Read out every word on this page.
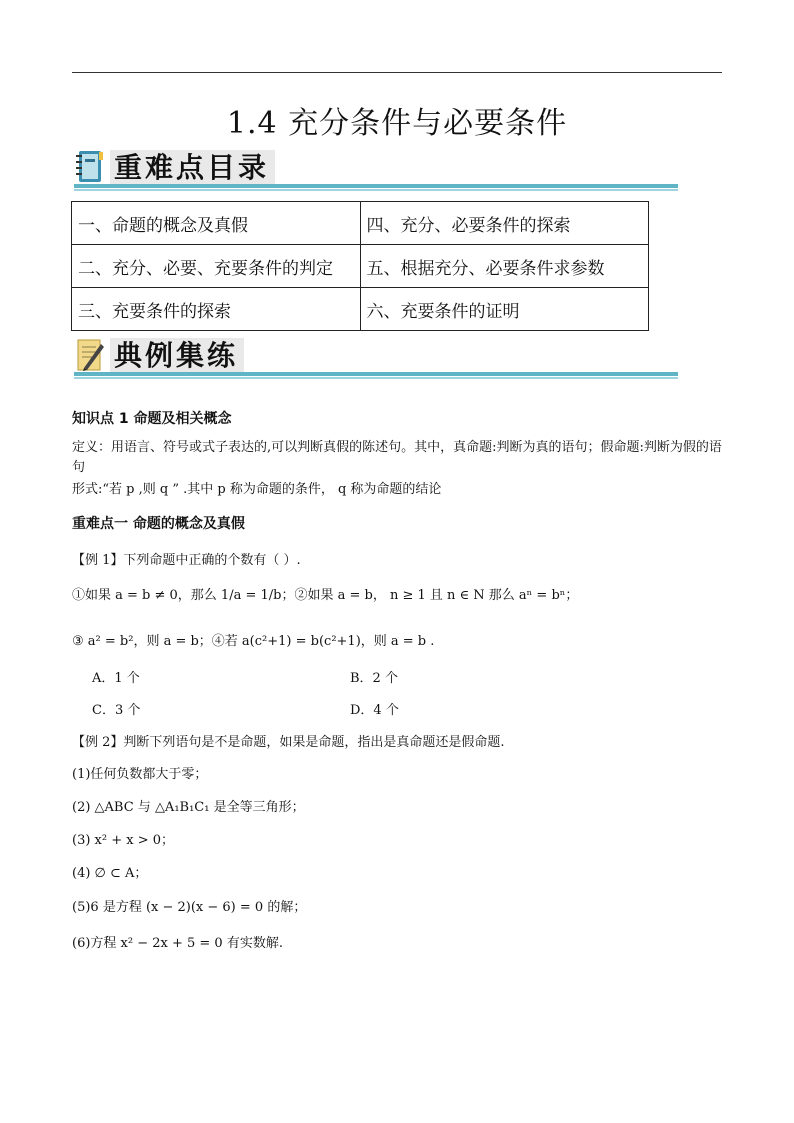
1.4 充分条件与必要条件
重难点目录
一、命题的概念及真假	四、充分、必要条件的探索
二、充分、必要、充要条件的判定	五、根据充分、必要条件求参数
三、充要条件的探索	六、充要条件的证明
典例集练
知识点 1 命题及相关概念
定义：用语言、符号或式子表达的,可以判断真假的陈述句。其中，真命题:判断为真的语句；假命题:判断为假的语句
形式:“若 p ,则 q ” .其中 p 称为命题的条件， q 称为命题的结论
重难点一 命题的概念及真假
【例 1】下列命题中正确的个数有（ ）.
①如果 a = b ≠ 0，那么 1/a = 1/b；②如果 a = b， n ≥ 1 且 n ∈ N 那么 aⁿ = bⁿ；
③ a² = b²，则 a = b；④若 a(c²+1) = b(c²+1)，则 a = b .
A．1 个	B．2 个
C．3 个	D．4 个
【例 2】判断下列语句是不是命题，如果是命题，指出是真命题还是假命题.
(1)任何负数都大于零；
(2) △ABC 与 △A₁B₁C₁ 是全等三角形；
(3) x² + x > 0；
(4) ∅ ⊂ A；
(5)6 是方程 (x − 2)(x − 6) = 0 的解；
(6)方程 x² − 2x + 5 = 0 有实数解.
